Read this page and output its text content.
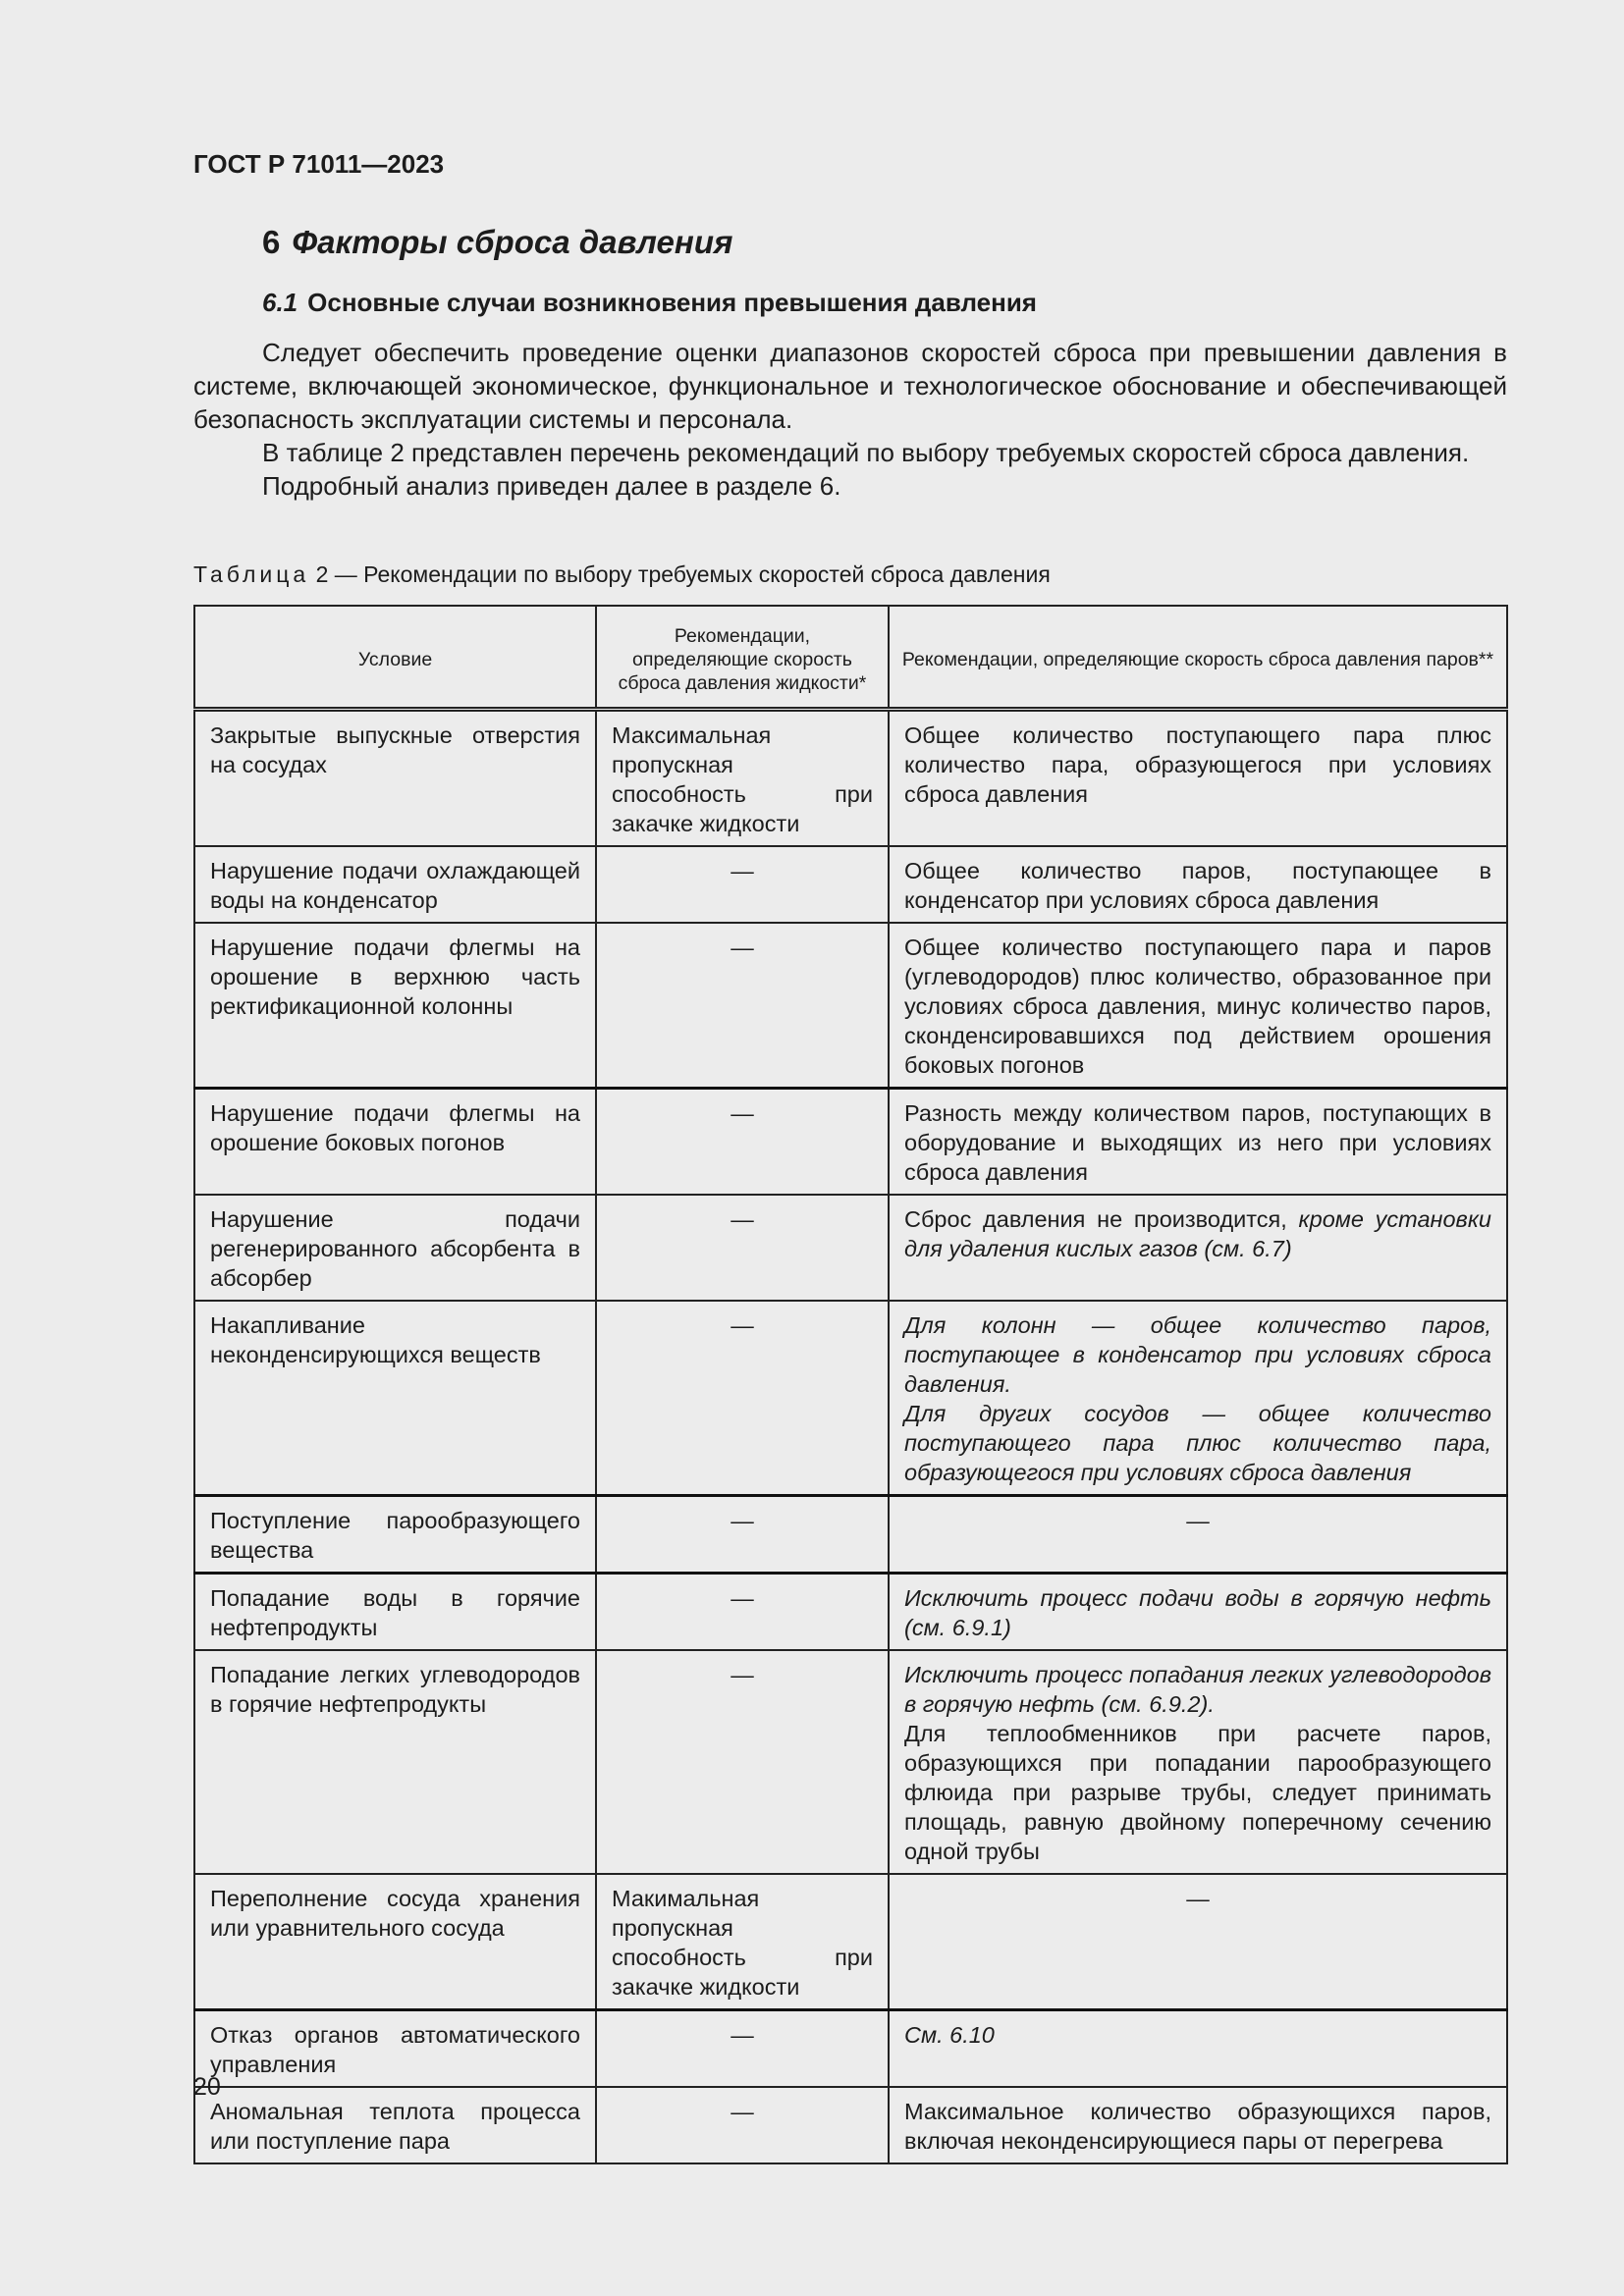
ГОСТ Р 71011—2023
6 Факторы сброса давления
6.1 Основные случаи возникновения превышения давления

Следует обеспечить проведение оценки диапазонов скоростей сброса при превышении давления в системе, включающей экономическое, функциональное и технологическое обоснование и обеспечивающей безопасность эксплуатации системы и персонала.

В таблице 2 представлен перечень рекомендаций по выбору требуемых скоростей сброса давления.

Подробный анализ приведен далее в разделе 6.

Таблица 2 — Рекомендации по выбору требуемых скоростей сброса давления
Условие	Рекомендации, определяющие скорость сброса давления жидкости*	Рекомендации, определяющие скорость сброса давления паров**
Закрытые выпускные отверстия на сосудах	Максимальная пропускная способность при закачке жидкости	Общее количество поступающего пара плюс количество пара, образующегося при условиях сброса давления
Нарушение подачи охлаждающей воды на конденсатор	—	Общее количество паров, поступающее в конденсатор при условиях сброса давления
Нарушение подачи флегмы на орошение в верхнюю часть ректификационной колонны	—	Общее количество поступающего пара и паров (углеводородов) плюс количество, образованное при условиях сброса давления, минус количество паров, сконденсировавшихся под действием орошения боковых погонов
Нарушение подачи флегмы на орошение боковых погонов	—	Разность между количеством паров, поступающих в оборудование и выходящих из него при условиях сброса давления
Нарушение подачи регенерированного абсорбента в абсорбер	—	Сброс давления не производится, кроме установки для удаления кислых газов (см. 6.7)
Накапливание неконденсирующихся веществ	—	Для колонн — общее количество паров, поступающее в конденсатор при условиях сброса давления.
Для других сосудов — общее количество поступающего пара плюс количество пара, образующегося при условиях сброса давления
Поступление парообразующего вещества	—	—
Попадание воды в горячие нефтепродукты	—	Исключить процесс подачи воды в горячую нефть (см. 6.9.1)
Попадание легких углеводородов в горячие нефтепродукты	—	Исключить процесс попадания легких углеводородов в горячую нефть (см. 6.9.2).
Для теплообменников при расчете паров, образующихся при попадании парообразующего флюида при разрыве трубы, следует принимать площадь, равную двойному поперечному сечению одной трубы
Переполнение сосуда хранения или уравнительного сосуда	Макимальная пропускная способность при закачке жидкости	—
Отказ органов автоматического управления	—	См. 6.10
Аномальная теплота процесса или поступление пара	—	Максимальное количество образующихся паров, включая неконденсирующиеся пары от перегрева
20
